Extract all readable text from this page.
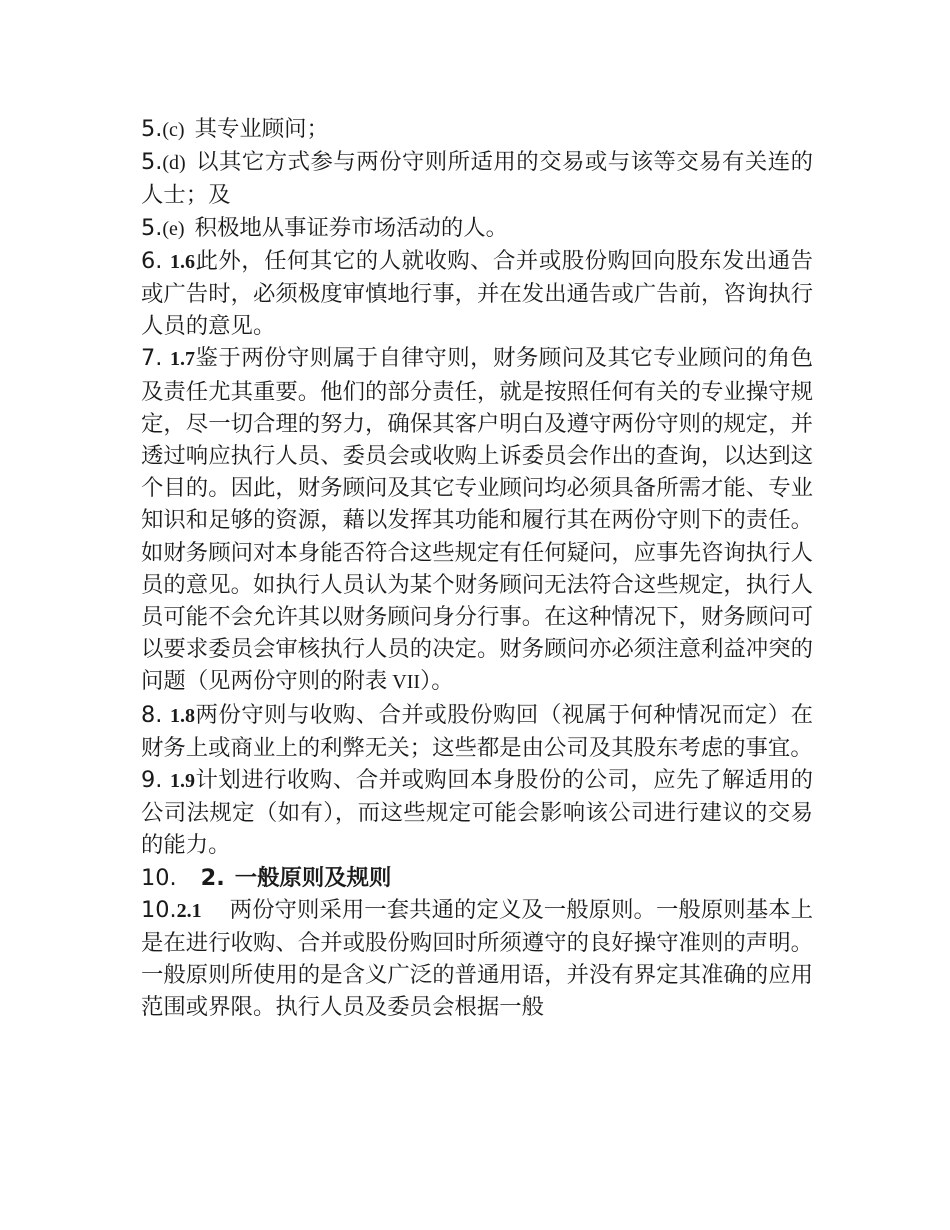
5.(c) 其专业顾问；

5.(d) 以其它方式参与两份守则所适用的交易或与该等交易有关连的人士；及

5.(e) 积极地从事证券市场活动的人。

6. 1.6此外，任何其它的人就收购、合并或股份购回向股东发出通告或广告时，必须极度审慎地行事，并在发出通告或广告前，咨询执行人员的意见。

7. 1.7鉴于两份守则属于自律守则，财务顾问及其它专业顾问的角色及责任尤其重要。他们的部分责任，就是按照任何有关的专业操守规定，尽一切合理的努力，确保其客户明白及遵守两份守则的规定，并透过响应执行人员、委员会或收购上诉委员会作出的查询，以达到这个目的。因此，财务顾问及其它专业顾问均必须具备所需才能、专业知识和足够的资源，藉以发挥其功能和履行其在两份守则下的责任。如财务顾问对本身能否符合这些规定有任何疑问，应事先咨询执行人员的意见。如执行人员认为某个财务顾问无法符合这些规定，执行人员可能不会允许其以财务顾问身分行事。在这种情况下，财务顾问可以要求委员会审核执行人员的决定。财务顾问亦必须注意利益冲突的问题（见两份守则的附表 VII）。

8. 1.8两份守则与收购、合并或股份购回（视属于何种情况而定）在财务上或商业上的利弊无关；这些都是由公司及其股东考虑的事宜。

9. 1.9计划进行收购、合并或购回本身股份的公司，应先了解适用的公司法规定（如有），而这些规定可能会影响该公司进行建议的交易的能力。

10. 2. 一般原则及规则

10.2.1 两份守则采用一套共通的定义及一般原则。一般原则基本上是在进行收购、合并或股份购回时所须遵守的良好操守准则的声明。一般原则所使用的是含义广泛的普通用语，并没有界定其准确的应用范围或界限。执行人员及委员会根据一般
